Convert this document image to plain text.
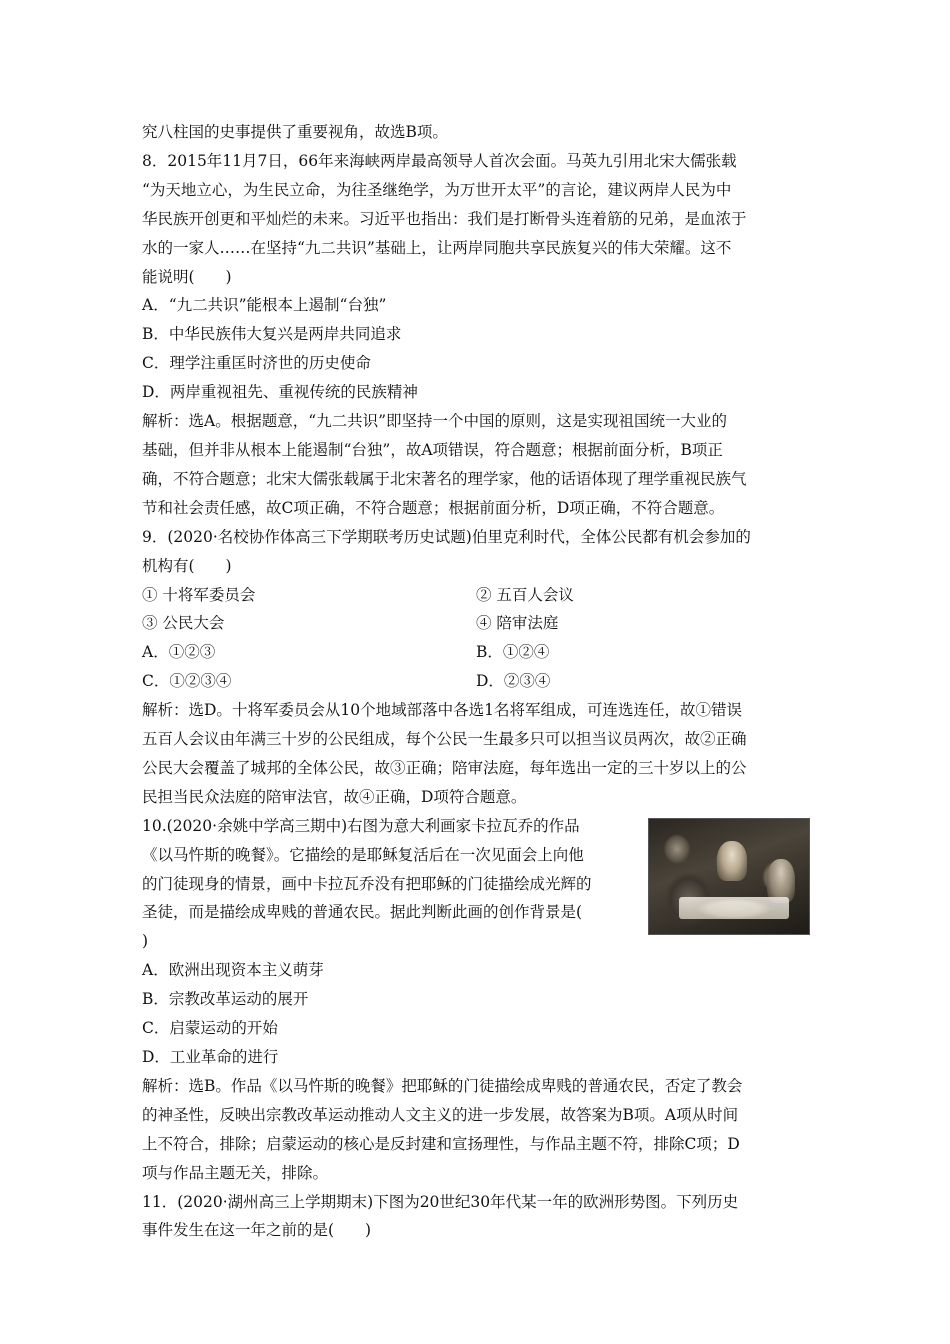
究八柱国的史事提供了重要视角，故选B项。
8．2015年11月7日，66年来海峡两岸最高领导人首次会面。马英九引用北宋大儒张载
“为天地立心，为生民立命，为往圣继绝学，为万世开太平”的言论，建议两岸人民为中
华民族开创更和平灿烂的未来。习近平也指出：我们是打断骨头连着筋的兄弟，是血浓于
水的一家人……在坚持“九二共识”基础上，让两岸同胞共享民族复兴的伟大荣耀。这不
能说明(　　)
A．“九二共识”能根本上遏制“台独”
B．中华民族伟大复兴是两岸共同追求
C．理学注重匡时济世的历史使命
D．两岸重视祖先、重视传统的民族精神
解析：选A。根据题意，“九二共识”即坚持一个中国的原则，这是实现祖国统一大业的
基础，但并非从根本上能遏制“台独”，故A项错误，符合题意；根据前面分析，B项正
确，不符合题意；北宋大儒张载属于北宋著名的理学家，他的话语体现了理学重视民族气
节和社会责任感，故C项正确，不符合题意；根据前面分析，D项正确，不符合题意。
9．(2020·名校协作体高三下学期联考历史试题)伯里克利时代，全体公民都有机会参加的
机构有(　　)
① 十将军委员会	② 五百人会议
③ 公民大会	④ 陪审法庭
A．①②③	B．①②④
C．①②③④	D．②③④
解析：选D。十将军委员会从10个地域部落中各选1名将军组成，可连选连任，故①错误
五百人会议由年满三十岁的公民组成，每个公民一生最多只可以担当议员两次，故②正确
公民大会覆盖了城邦的全体公民，故③正确；陪审法庭，每年选出一定的三十岁以上的公
民担当民众法庭的陪审法官，故④正确，D项符合题意。
10.(2020·余姚中学高三期中)右图为意大利画家卡拉瓦乔的作品
《以马忤斯的晚餐》。它描绘的是耶稣复活后在一次见面会上向他
的门徒现身的情景，画中卡拉瓦乔没有把耶稣的门徒描绘成光辉的
圣徒，而是描绘成卑贱的普通农民。据此判断此画的创作背景是(
)
A．欧洲出现资本主义萌芽
B．宗教改革运动的展开
C．启蒙运动的开始
D．工业革命的进行
解析：选B。作品《以马忤斯的晚餐》把耶稣的门徒描绘成卑贱的普通农民，否定了教会
的神圣性，反映出宗教改革运动推动人文主义的进一步发展，故答案为B项。A项从时间
上不符合，排除；启蒙运动的核心是反封建和宣扬理性，与作品主题不符，排除C项；D
项与作品主题无关，排除。
11．(2020·湖州高三上学期期末)下图为20世纪30年代某一年的欧洲形势图。下列历史
事件发生在这一年之前的是(　　)
